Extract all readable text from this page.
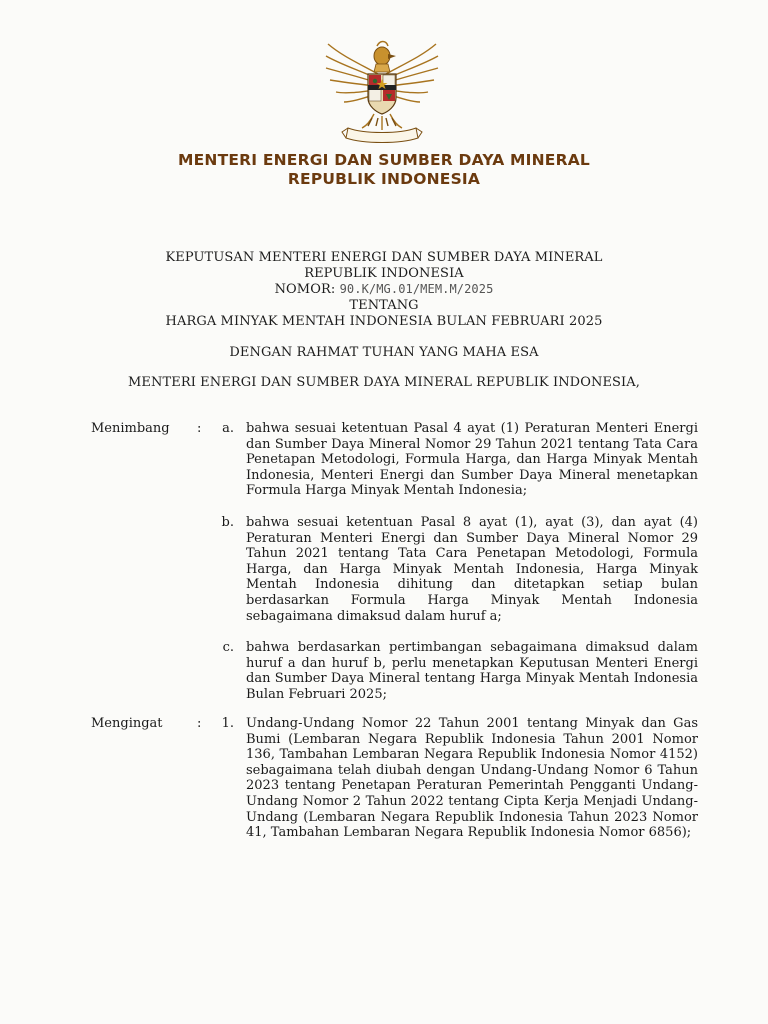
MENTERI ENERGI DAN SUMBER DAYA MINERAL
REPUBLIK INDONESIA
KEPUTUSAN MENTERI ENERGI DAN SUMBER DAYA MINERAL
REPUBLIK INDONESIA
NOMOR: 90.K/MG.01/MEM.M/2025
TENTANG
HARGA MINYAK MENTAH INDONESIA BULAN FEBRUARI 2025
DENGAN RAHMAT TUHAN YANG MAHA ESA
MENTERI ENERGI DAN SUMBER DAYA MINERAL REPUBLIK INDONESIA,
Menimbang :	a. bahwa sesuai ketentuan Pasal 4 ayat (1) Peraturan Menteri Energi dan Sumber Daya Mineral Nomor 29 Tahun 2021 tentang Tata Cara Penetapan Metodologi, Formula Harga, dan Harga Minyak Mentah Indonesia, Menteri Energi dan Sumber Daya Mineral menetapkan Formula Harga Minyak Mentah Indonesia;

b. bahwa sesuai ketentuan Pasal 8 ayat (1), ayat (3), dan ayat (4) Peraturan Menteri Energi dan Sumber Daya Mineral Nomor 29 Tahun 2021 tentang Tata Cara Penetapan Metodologi, Formula Harga, dan Harga Minyak Mentah Indonesia, Harga Minyak Mentah Indonesia dihitung dan ditetapkan setiap bulan berdasarkan Formula Harga Minyak Mentah Indonesia sebagaimana dimaksud dalam huruf a;

c. bahwa berdasarkan pertimbangan sebagaimana dimaksud dalam huruf a dan huruf b, perlu menetapkan Keputusan Menteri Energi dan Sumber Daya Mineral tentang Harga Minyak Mentah Indonesia Bulan Februari 2025;

Mengingat	:	1. Undang-Undang Nomor 22 Tahun 2001 tentang Minyak dan Gas Bumi (Lembaran Negara Republik Indonesia Tahun 2001 Nomor 136, Tambahan Lembaran Negara Republik Indonesia Nomor 4152) sebagaimana telah diubah dengan Undang-Undang Nomor 6 Tahun 2023 tentang Penetapan Peraturan Pemerintah Pengganti Undang-Undang Nomor 2 Tahun 2022 tentang Cipta Kerja Menjadi Undang-Undang (Lembaran Negara Republik Indonesia Tahun 2023 Nomor 41, Tambahan Lembaran Negara Republik Indonesia Nomor 6856);
